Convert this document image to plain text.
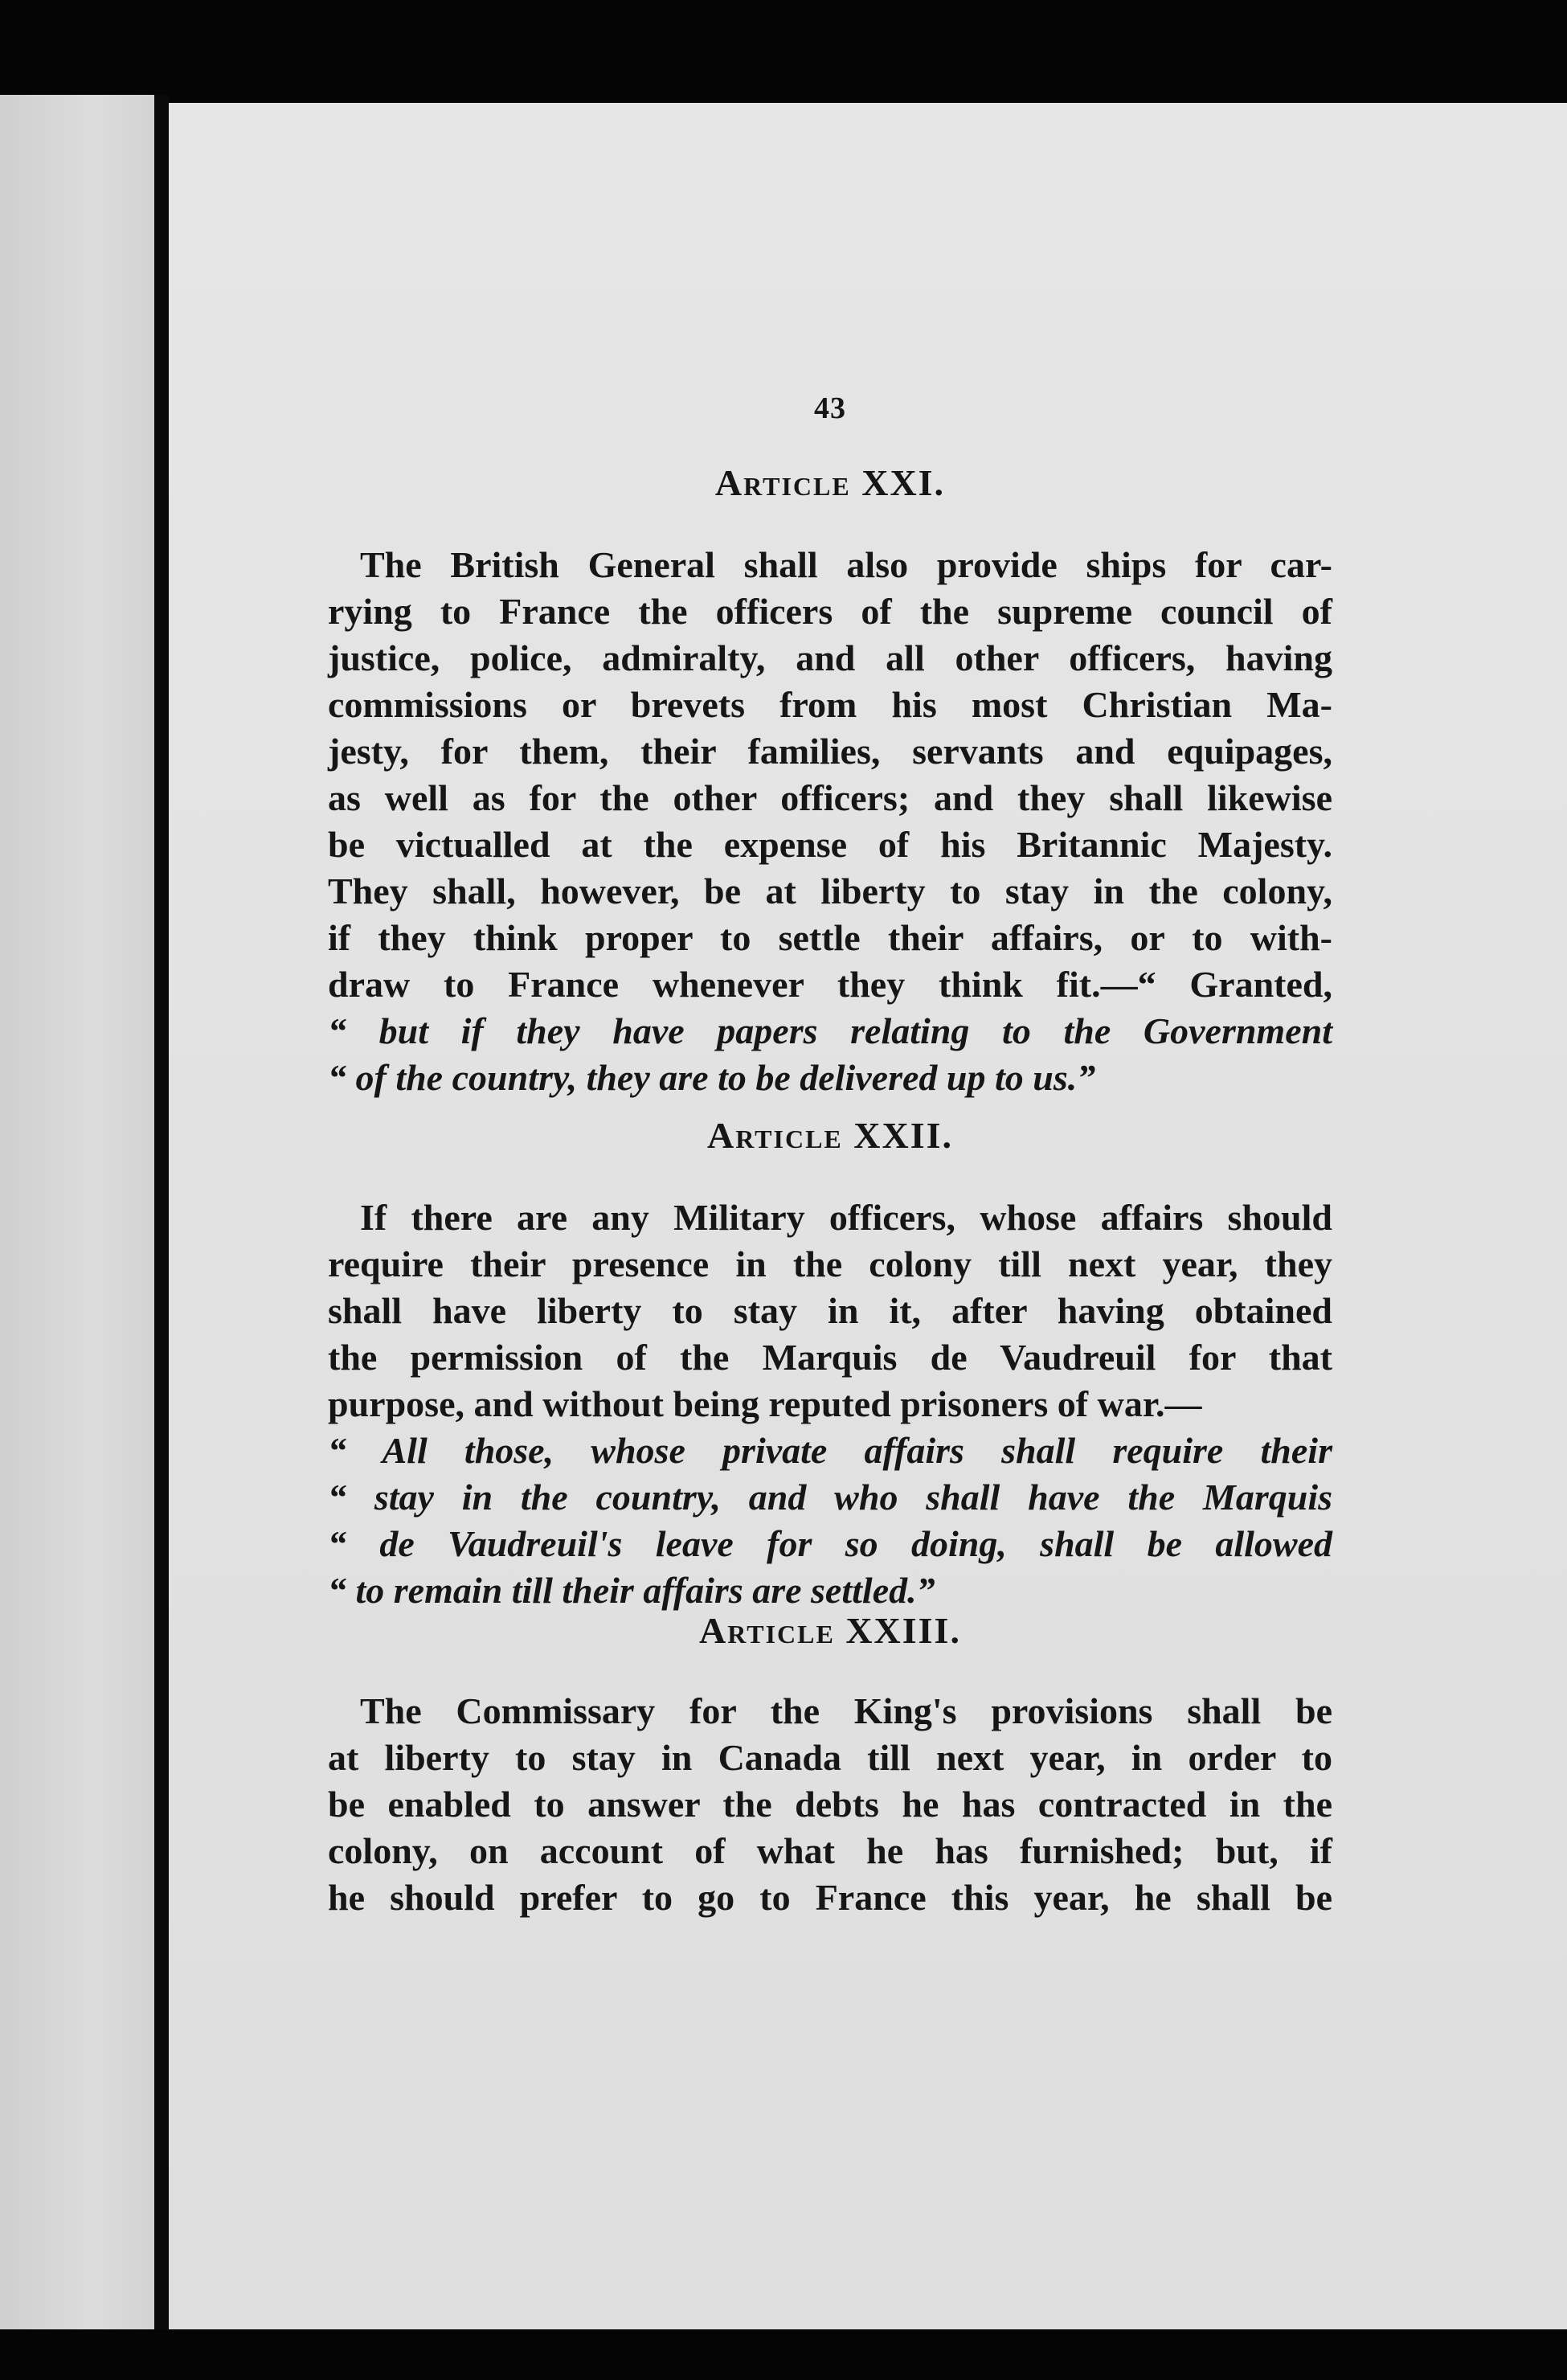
43
Article XXI.
The British General shall also provide ships for car-
rying to France the officers of the supreme council of
justice, police, admiralty, and all other officers, having
commissions or brevets from his most Christian Ma-
jesty, for them, their families, servants and equipages,
as well as for the other officers; and they shall likewise
be victualled at the expense of his Britannic Majesty.
They shall, however, be at liberty to stay in the colony,
if they think proper to settle their affairs, or to with-
draw to France whenever they think fit.—“ Granted,
“ but if they have papers relating to the Government
“ of the country, they are to be delivered up to us.”
Article XXII.
If there are any Military officers, whose affairs should
require their presence in the colony till next year, they
shall have liberty to stay in it, after having obtained
the permission of the Marquis de Vaudreuil for that
purpose, and without being reputed prisoners of war.—
“ All those, whose private affairs shall require their
“ stay in the country, and who shall have the Marquis
“ de Vaudreuil's leave for so doing, shall be allowed
“ to remain till their affairs are settled.”
Article XXIII.
The Commissary for the King's provisions shall be
at liberty to stay in Canada till next year, in order to
be enabled to answer the debts he has contracted in the
colony, on account of what he has furnished; but, if
he should prefer to go to France this year, he shall be
